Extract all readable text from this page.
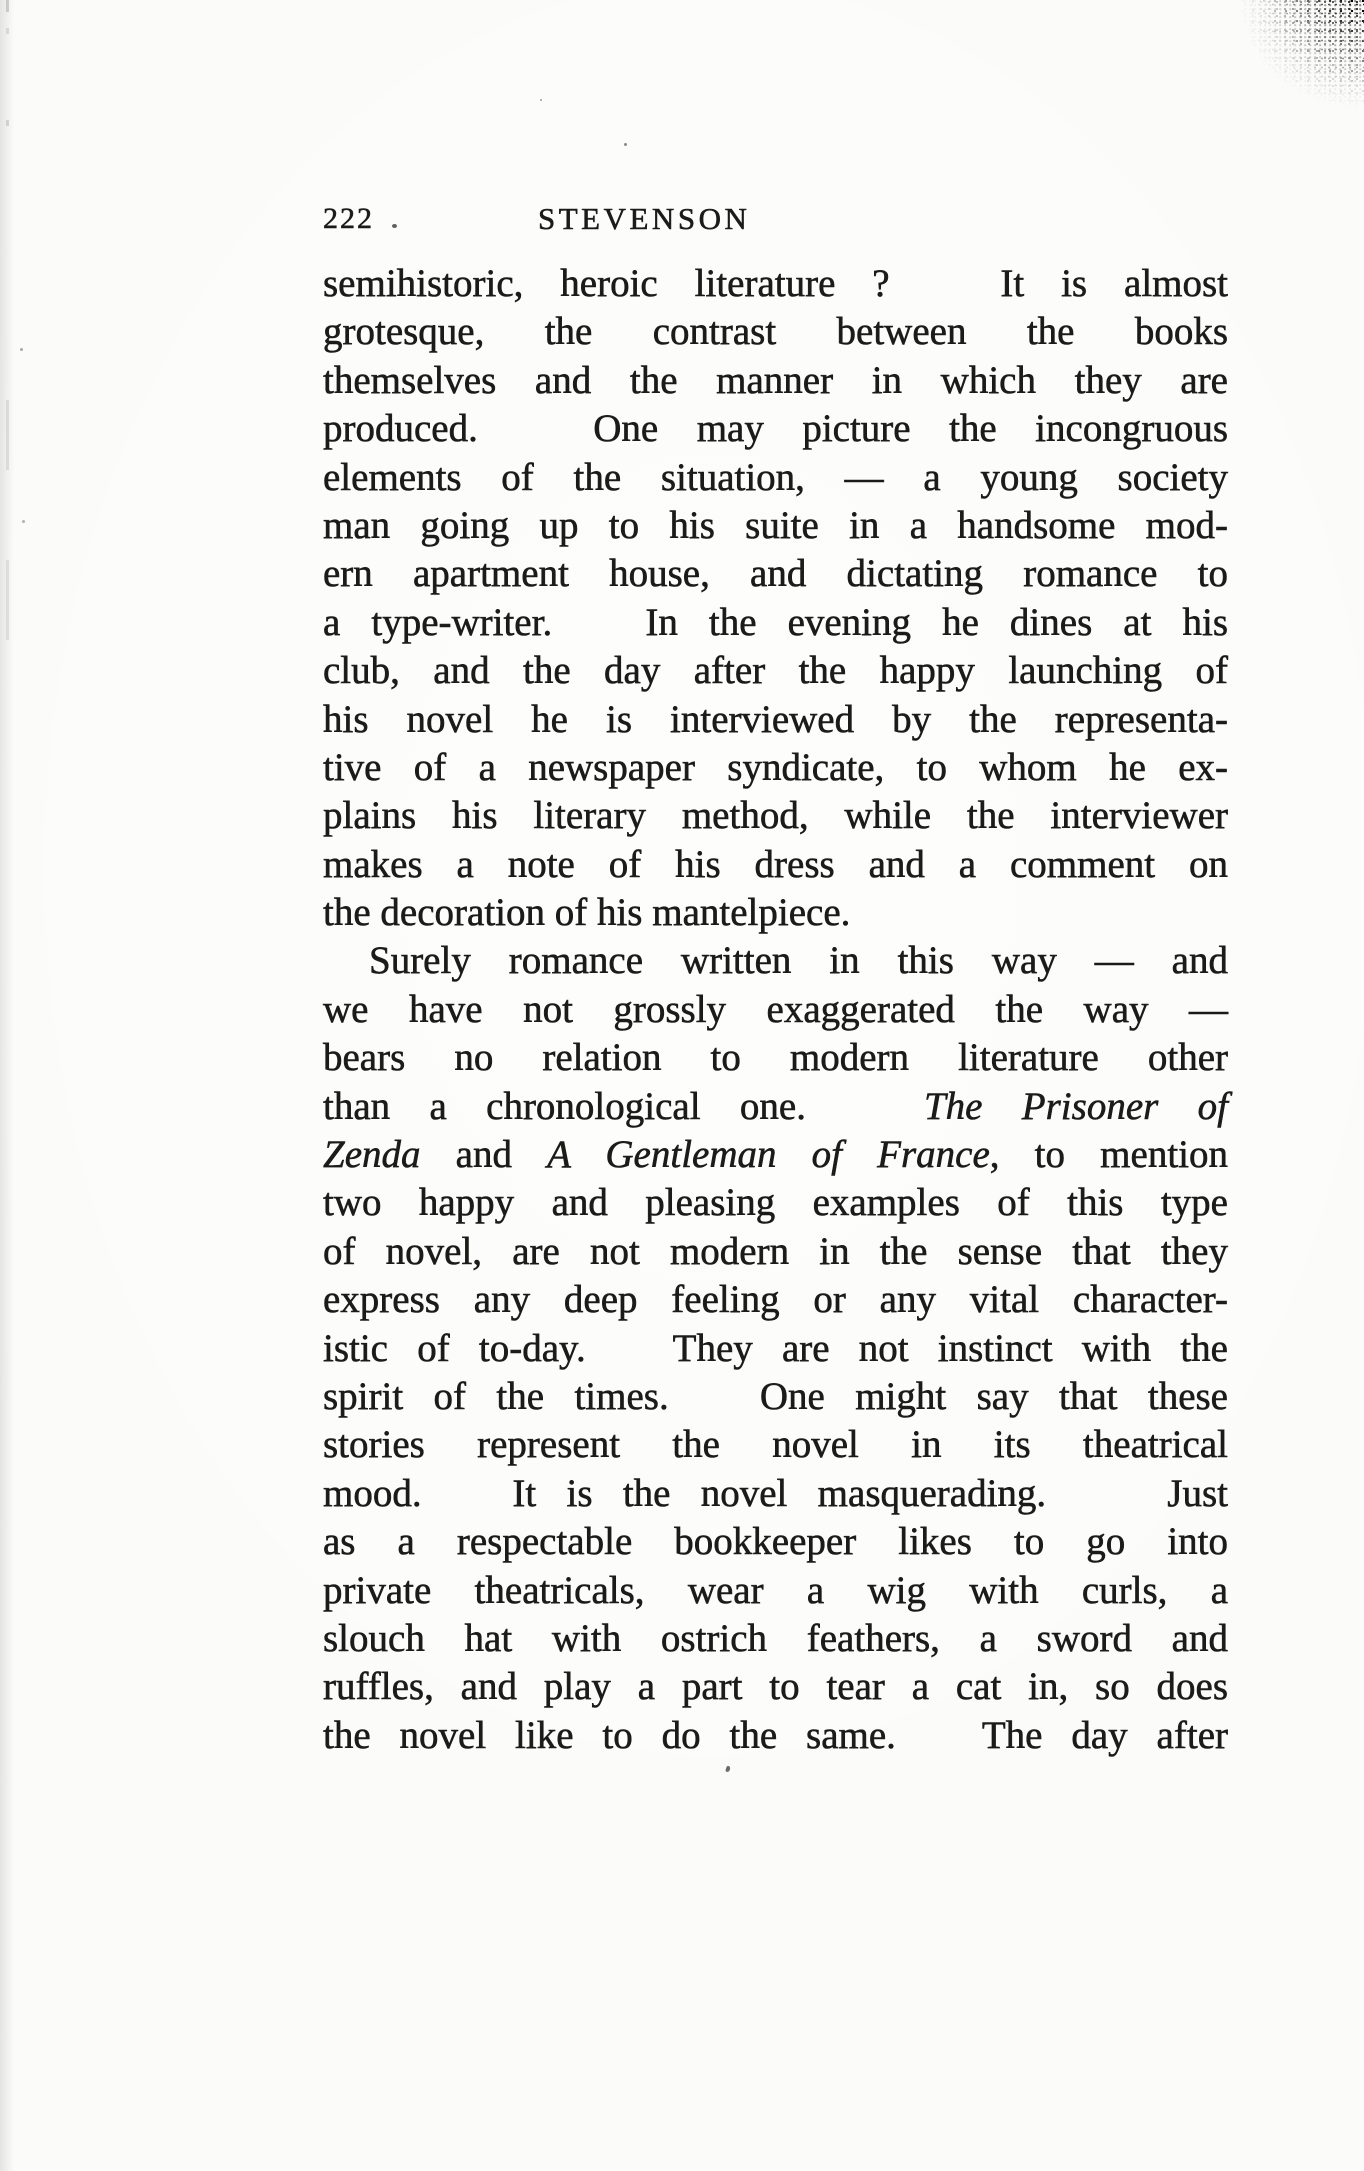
222	STEVENSON
semihistoric, heroic literature ?   It is almost
grotesque, the contrast between the books
themselves and the manner in which they are
produced.   One may picture the incongruous
elements of the situation, — a young society
man going up to his suite in a handsome mod-
ern apartment house, and dictating romance to
a type-writer.   In the evening he dines at his
club, and the day after the happy launching of
his novel he is interviewed by the representa-
tive of a newspaper syndicate, to whom he ex-
plains his literary method, while the interviewer
makes a note of his dress and a comment on
the decoration of his mantelpiece.
Surely romance written in this way — and
we have not grossly exaggerated the way —
bears no relation to modern literature other
than a chronological one.   The Prisoner of
Zenda and A Gentleman of France, to mention
two happy and pleasing examples of this type
of novel, are not modern in the sense that they
express any deep feeling or any vital character-
istic of to-day.   They are not instinct with the
spirit of the times.   One might say that these
stories represent the novel in its theatrical
mood.   It is the novel masquerading.    Just
as a respectable bookkeeper likes to go into
private theatricals, wear a wig with curls, a
slouch hat with ostrich feathers, a sword and
ruffles, and play a part to tear a cat in, so does
the novel like to do the same.   The day after
